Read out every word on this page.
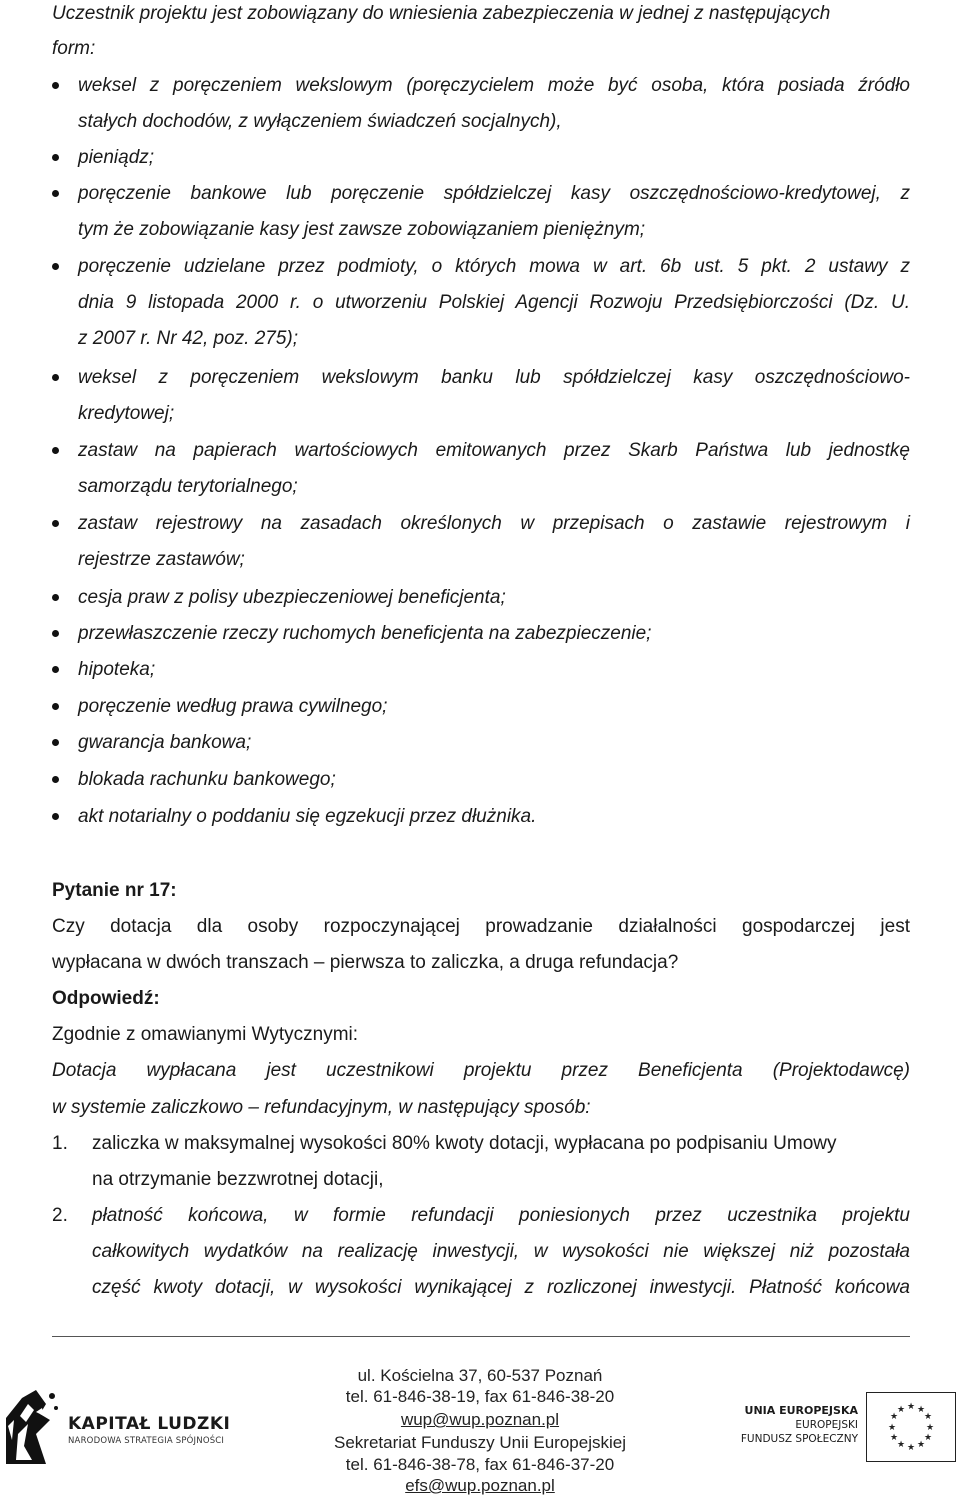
Uczestnik projektu jest zobowiązany do wniesienia zabezpieczenia w jednej z następujących
form:
weksel z poręczeniem wekslowym (poręczycielem może być osoba, która posiada źródło
stałych dochodów, z wyłączeniem świadczeń socjalnych),
pieniądz;
poręczenie bankowe lub poręczenie spółdzielczej kasy oszczędnościowo-kredytowej, z
tym że zobowiązanie kasy jest zawsze zobowiązaniem pieniężnym;
poręczenie udzielane przez podmioty, o których mowa w art. 6b ust. 5 pkt. 2 ustawy z
dnia 9 listopada 2000 r. o utworzeniu Polskiej Agencji Rozwoju Przedsiębiorczości (Dz. U.
z 2007 r. Nr 42, poz. 275);
weksel z poręczeniem wekslowym banku lub spółdzielczej kasy oszczędnościowo-
kredytowej;
zastaw na papierach wartościowych emitowanych przez Skarb Państwa lub jednostkę
samorządu terytorialnego;
zastaw rejestrowy na zasadach określonych w przepisach o zastawie rejestrowym i
rejestrze zastawów;
cesja praw z polisy ubezpieczeniowej beneficjenta;
przewłaszczenie rzeczy ruchomych beneficjenta na zabezpieczenie;
hipoteka;
poręczenie według prawa cywilnego;
gwarancja bankowa;
blokada rachunku bankowego;
akt notarialny o poddaniu się egzekucji przez dłużnika.
Pytanie nr 17:
Czy dotacja dla osoby rozpoczynającej prowadzanie działalności gospodarczej jest
wypłacana w dwóch transzach – pierwsza to zaliczka, a druga refundacja?
Odpowiedź:
Zgodnie z omawianymi Wytycznymi:
Dotacja wypłacana jest uczestnikowi projektu przez Beneficjenta (Projektodawcę)
w systemie zaliczkowo – refundacyjnym, w następujący sposób:
1. zaliczka w maksymalnej wysokości 80% kwoty dotacji, wypłacana po podpisaniu Umowy
na otrzymanie bezzwrotnej dotacji,
2. płatność końcowa, w formie refundacji poniesionych przez uczestnika projektu
całkowitych wydatków na realizację inwestycji, w wysokości nie większej niż pozostała
część kwoty dotacji, w wysokości wynikającej z rozliczonej inwestycji. Płatność końcowa
ul. Kościelna 37, 60-537 Poznań
tel. 61-846-38-19, fax 61-846-38-20
wup@wup.poznan.pl
Sekretariat Funduszy Unii Europejskiej
tel. 61-846-38-78, fax 61-846-37-20
efs@wup.poznan.pl
KAPITAŁ LUDZKI
NARODOWA STRATEGIA SPÓJNOŚCI
UNIA EUROPEJSKA
EUROPEJSKI
FUNDUSZ SPOŁECZNY
★ ★
★
★
★
★
★
★
★
★
★
★
